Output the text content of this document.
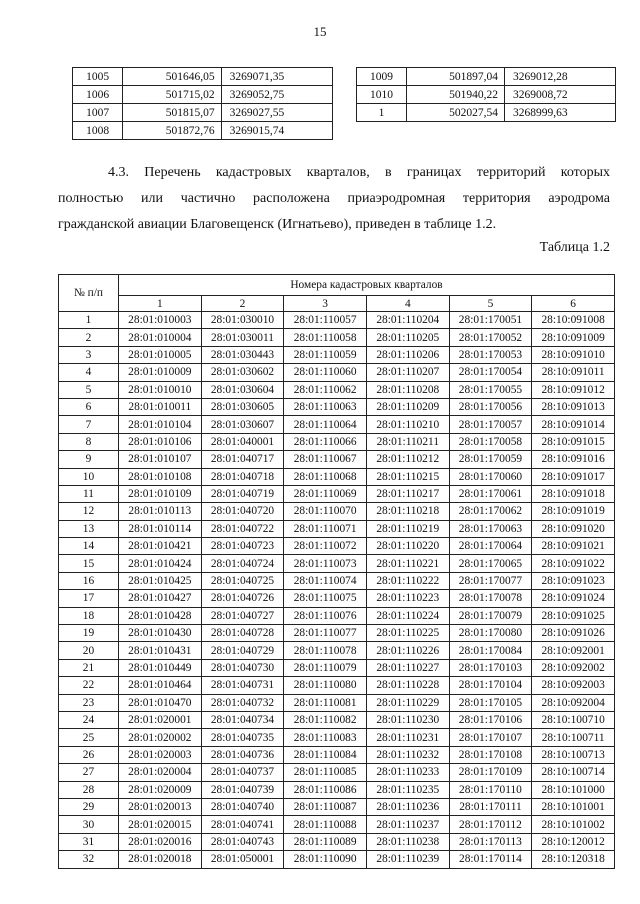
15
1005	501646,05	3269071,35
1006	501715,02	3269052,75
1007	501815,07	3269027,55
1008	501872,76	3269015,74
1009	501897,04	3269012,28
1010	501940,22	3269008,72
1	502027,54	3268999,63

4.3. Перечень кадастровых кварталов, в границах территорий которых

полностью или частично расположена приаэродромная территория аэродрома

гражданской авиации Благовещенск (Игнатьево), приведен в таблице 1.2.

Таблица 1.2
№ п/п	Номера кадастровых кварталов					
	1	2	3	4	5	6
1	28:01:010003	28:01:030010	28:01:110057	28:01:110204	28:01:170051	28:10:091008
2	28:01:010004	28:01:030011	28:01:110058	28:01:110205	28:01:170052	28:10:091009
3	28:01:010005	28:01:030443	28:01:110059	28:01:110206	28:01:170053	28:10:091010
4	28:01:010009	28:01:030602	28:01:110060	28:01:110207	28:01:170054	28:10:091011
5	28:01:010010	28:01:030604	28:01:110062	28:01:110208	28:01:170055	28:10:091012
6	28:01:010011	28:01:030605	28:01:110063	28:01:110209	28:01:170056	28:10:091013
7	28:01:010104	28:01:030607	28:01:110064	28:01:110210	28:01:170057	28:10:091014
8	28:01:010106	28:01:040001	28:01:110066	28:01:110211	28:01:170058	28:10:091015
9	28:01:010107	28:01:040717	28:01:110067	28:01:110212	28:01:170059	28:10:091016
10	28:01:010108	28:01:040718	28:01:110068	28:01:110215	28:01:170060	28:10:091017
11	28:01:010109	28:01:040719	28:01:110069	28:01:110217	28:01:170061	28:10:091018
12	28:01:010113	28:01:040720	28:01:110070	28:01:110218	28:01:170062	28:10:091019
13	28:01:010114	28:01:040722	28:01:110071	28:01:110219	28:01:170063	28:10:091020
14	28:01:010421	28:01:040723	28:01:110072	28:01:110220	28:01:170064	28:10:091021
15	28:01:010424	28:01:040724	28:01:110073	28:01:110221	28:01:170065	28:10:091022
16	28:01:010425	28:01:040725	28:01:110074	28:01:110222	28:01:170077	28:10:091023
17	28:01:010427	28:01:040726	28:01:110075	28:01:110223	28:01:170078	28:10:091024
18	28:01:010428	28:01:040727	28:01:110076	28:01:110224	28:01:170079	28:10:091025
19	28:01:010430	28:01:040728	28:01:110077	28:01:110225	28:01:170080	28:10:091026
20	28:01:010431	28:01:040729	28:01:110078	28:01:110226	28:01:170084	28:10:092001
21	28:01:010449	28:01:040730	28:01:110079	28:01:110227	28:01:170103	28:10:092002
22	28:01:010464	28:01:040731	28:01:110080	28:01:110228	28:01:170104	28:10:092003
23	28:01:010470	28:01:040732	28:01:110081	28:01:110229	28:01:170105	28:10:092004
24	28:01:020001	28:01:040734	28:01:110082	28:01:110230	28:01:170106	28:10:100710
25	28:01:020002	28:01:040735	28:01:110083	28:01:110231	28:01:170107	28:10:100711
26	28:01:020003	28:01:040736	28:01:110084	28:01:110232	28:01:170108	28:10:100713
27	28:01:020004	28:01:040737	28:01:110085	28:01:110233	28:01:170109	28:10:100714
28	28:01:020009	28:01:040739	28:01:110086	28:01:110235	28:01:170110	28:10:101000
29	28:01:020013	28:01:040740	28:01:110087	28:01:110236	28:01:170111	28:10:101001
30	28:01:020015	28:01:040741	28:01:110088	28:01:110237	28:01:170112	28:10:101002
31	28:01:020016	28:01:040743	28:01:110089	28:01:110238	28:01:170113	28:10:120012
32	28:01:020018	28:01:050001	28:01:110090	28:01:110239	28:01:170114	28:10:120318
